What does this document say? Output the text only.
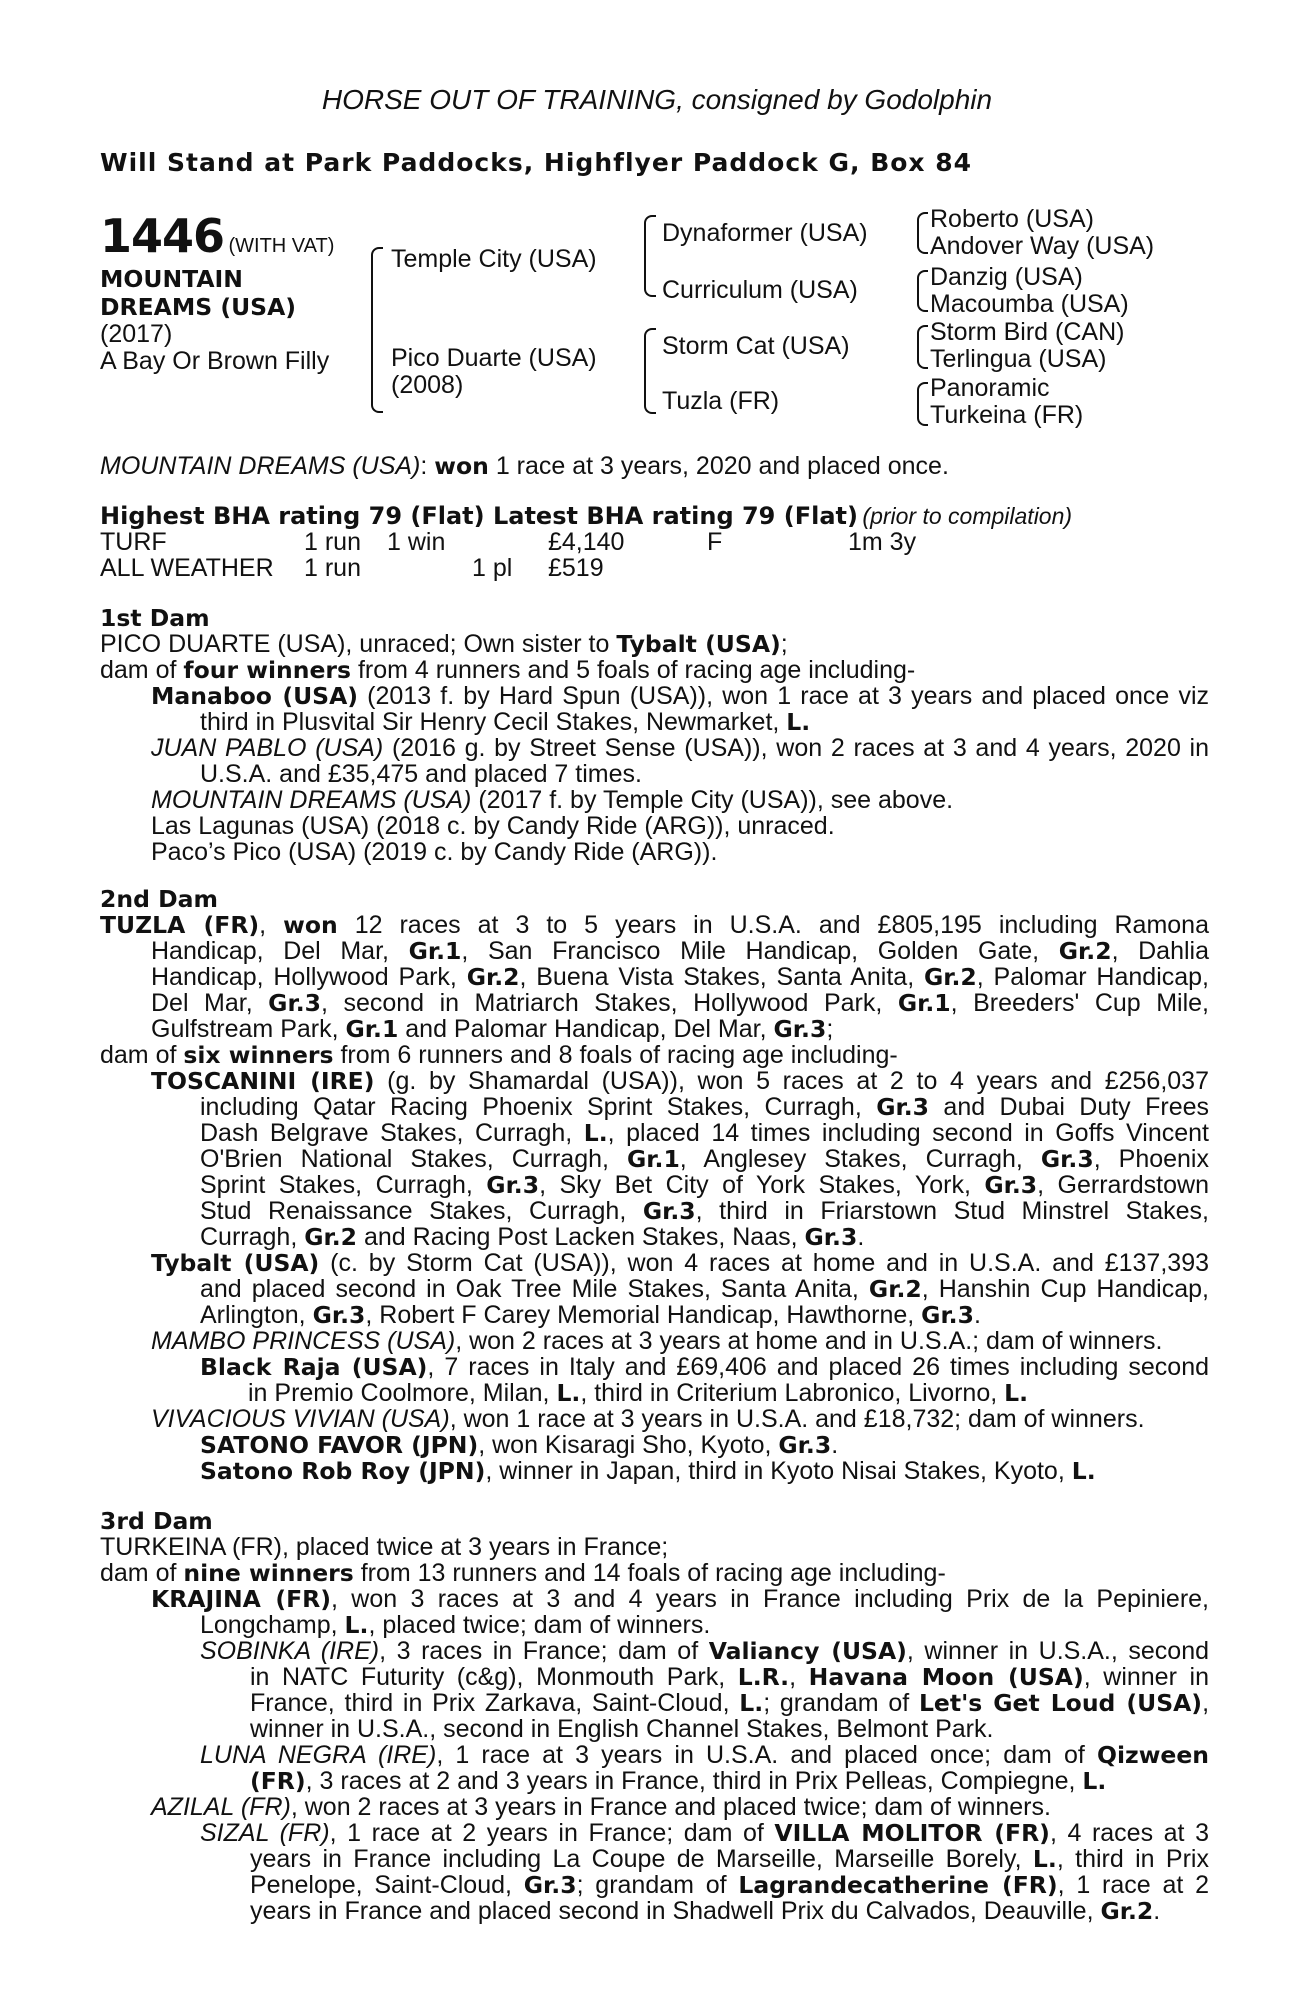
HORSE OUT OF TRAINING, consigned by Godolphin
Will Stand at Park Paddocks, Highflyer Paddock G, Box 84
1446 (WITH VAT)
MOUNTAIN
DREAMS (USA)
(2017)
A Bay Or Brown Filly
Temple City (USA)
Pico Duarte (USA)
(2008)
Dynaformer (USA)
Curriculum (USA)
Storm Cat (USA)
Tuzla (FR)
Roberto (USA)
Andover Way (USA)
Danzig (USA)
Macoumba (USA)
Storm Bird (CAN)
Terlingua (USA)
Panoramic
Turkeina (FR)
MOUNTAIN DREAMS (USA): won 1 race at 3 years, 2020 and placed once.
Highest BHA rating 79 (Flat) Latest BHA rating 79 (Flat) (prior to compilation)
TURF	1 run 1 win	£4,140	F	1m 3y
ALL WEATHER 1 run	1 pl £519
1st Dam
PICO DUARTE (USA), unraced; Own sister to Tybalt (USA);
dam of four winners from 4 runners and 5 foals of racing age including-
Manaboo (USA) (2013 f. by Hard Spun (USA)), won 1 race at 3 years and placed once viz
third in Plusvital Sir Henry Cecil Stakes, Newmarket, L.
JUAN PABLO (USA) (2016 g. by Street Sense (USA)), won 2 races at 3 and 4 years, 2020 in
U.S.A. and £35,475 and placed 7 times.
MOUNTAIN DREAMS (USA) (2017 f. by Temple City (USA)), see above.
Las Lagunas (USA) (2018 c. by Candy Ride (ARG)), unraced.
Paco’s Pico (USA) (2019 c. by Candy Ride (ARG)).
2nd Dam
TUZLA (FR), won 12 races at 3 to 5 years in U.S.A. and £805,195 including Ramona
Handicap, Del Mar, Gr.1, San Francisco Mile Handicap, Golden Gate, Gr.2, Dahlia
Handicap, Hollywood Park, Gr.2, Buena Vista Stakes, Santa Anita, Gr.2, Palomar Handicap,
Del Mar, Gr.3, second in Matriarch Stakes, Hollywood Park, Gr.1, Breeders' Cup Mile,
Gulfstream Park, Gr.1 and Palomar Handicap, Del Mar, Gr.3;
dam of six winners from 6 runners and 8 foals of racing age including-
TOSCANINI (IRE) (g. by Shamardal (USA)), won 5 races at 2 to 4 years and £256,037
including Qatar Racing Phoenix Sprint Stakes, Curragh, Gr.3 and Dubai Duty Frees
Dash Belgrave Stakes, Curragh, L., placed 14 times including second in Goffs Vincent
O'Brien National Stakes, Curragh, Gr.1, Anglesey Stakes, Curragh, Gr.3, Phoenix
Sprint Stakes, Curragh, Gr.3, Sky Bet City of York Stakes, York, Gr.3, Gerrardstown
Stud Renaissance Stakes, Curragh, Gr.3, third in Friarstown Stud Minstrel Stakes,
Curragh, Gr.2 and Racing Post Lacken Stakes, Naas, Gr.3.
Tybalt (USA) (c. by Storm Cat (USA)), won 4 races at home and in U.S.A. and £137,393
and placed second in Oak Tree Mile Stakes, Santa Anita, Gr.2, Hanshin Cup Handicap,
Arlington, Gr.3, Robert F Carey Memorial Handicap, Hawthorne, Gr.3.
MAMBO PRINCESS (USA), won 2 races at 3 years at home and in U.S.A.; dam of winners.
Black Raja (USA), 7 races in Italy and £69,406 and placed 26 times including second
in Premio Coolmore, Milan, L., third in Criterium Labronico, Livorno, L.
VIVACIOUS VIVIAN (USA), won 1 race at 3 years in U.S.A. and £18,732; dam of winners.
SATONO FAVOR (JPN), won Kisaragi Sho, Kyoto, Gr.3.
Satono Rob Roy (JPN), winner in Japan, third in Kyoto Nisai Stakes, Kyoto, L.
3rd Dam
TURKEINA (FR), placed twice at 3 years in France;
dam of nine winners from 13 runners and 14 foals of racing age including-
KRAJINA (FR), won 3 races at 3 and 4 years in France including Prix de la Pepiniere,
Longchamp, L., placed twice; dam of winners.
SOBINKA (IRE), 3 races in France; dam of Valiancy (USA), winner in U.S.A., second
in NATC Futurity (c&g), Monmouth Park, L.R., Havana Moon (USA), winner in
France, third in Prix Zarkava, Saint-Cloud, L.; grandam of Let's Get Loud (USA),
winner in U.S.A., second in English Channel Stakes, Belmont Park.
LUNA NEGRA (IRE), 1 race at 3 years in U.S.A. and placed once; dam of Qizween
(FR), 3 races at 2 and 3 years in France, third in Prix Pelleas, Compiegne, L.
AZILAL (FR), won 2 races at 3 years in France and placed twice; dam of winners.
SIZAL (FR), 1 race at 2 years in France; dam of VILLA MOLITOR (FR), 4 races at 3
years in France including La Coupe de Marseille, Marseille Borely, L., third in Prix
Penelope, Saint-Cloud, Gr.3; grandam of Lagrandecatherine (FR), 1 race at 2
years in France and placed second in Shadwell Prix du Calvados, Deauville, Gr.2.
